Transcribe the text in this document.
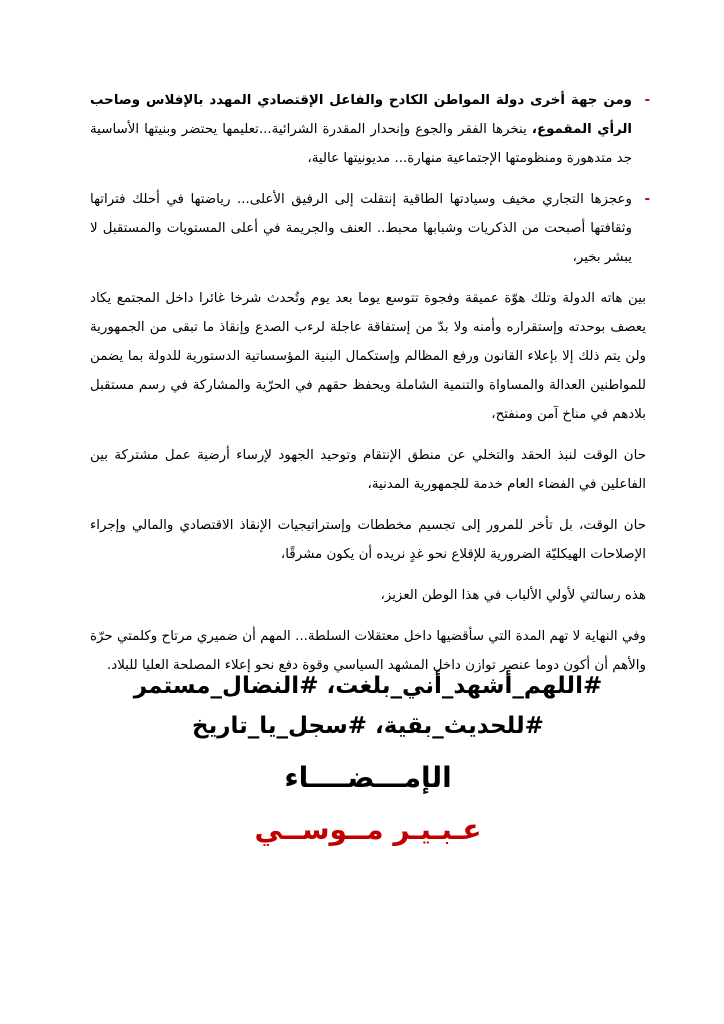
-
ومن جهة أخرى دولة المواطن الكادح والفاعل الإقتصادي المهدد بالإفلاس وصاحب الرأي المقموع، ينخرها الفقر والجوع وإنحدار المقدرة الشرائية...تعليمها يحتضر وبنيتها الأساسية جد متدهورة ومنظومتها الإجتماعية منهارة... مديونيتها عالية،
-
وعجزها التجاري مخيف وسيادتها الطاقية إنتقلت إلى الرفيق الأعلى... رياضتها في أحلك فتراتها وثقافتها أصبحت من الذكريات وشبابها محبط.. العنف والجريمة في أعلى المستويات والمستقبل لا يبشر بخير،

بين هاته الدولة وتلك هوّة عميقة وفجوة تتوسع يوما بعد يوم وتُحدث شرخا غائرا داخل المجتمع يكاد يعصف بوحدته وإستقراره وأمنه ولا بدّ من إستفاقة عاجلة لرءب الصدع وإنقاذ ما تبقى من الجمهورية ولن يتم ذلك إلا بإعلاء القانون ورفع المظالم وإستكمال البنية المؤسساتية الدستورية للدولة بما يضمن للمواطنين العدالة والمساواة والتنمية الشاملة ويحفظ حقهم في الحرّية والمشاركة في رسم مستقبل بلادهم في مناخ آمن ومنفتح،

حان الوقت لنبذ الحقد والتخلي عن منطق الإنتقام وتوحيد الجهود لإرساء أرضية عمل مشتركة بين الفاعلين في الفضاء العام خدمة للجمهورية المدنية،

حان الوقت، بل تأخر للمرور إلى تجسيم مخططات وإستراتيجيات الإنقاذ الاقتصادي والمالي وإجراء الإصلاحات الهيكليّة الضرورية للإقلاع نحو غدٍ نريده أن يكون مشرقًا،

هذه رسالتي لأولي الألباب في هذا الوطن العزيز،

وفي النهاية لا تهم المدة التي سأقضيها داخل معتقلات السلطة... المهم أن ضميري مرتاح وكلمتي حرّة والأهم أن أكون دوما عنصر توازن داخل المشهد السياسي وقوة دفع نحو إعلاء المصلحة العليا للبلاد.

#اللهم_أشهد_أني_بلغت، #النضال_مستمر
#للحديث_بقية، #سجل_يا_تاريخ
الإمـــضــــاء
عـبـيـر مــوســي
